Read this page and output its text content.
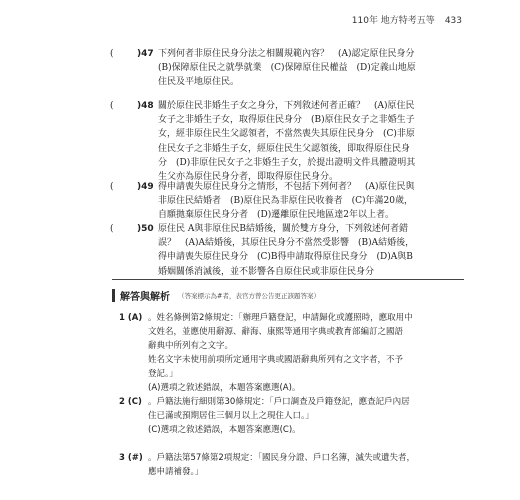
110年 地方特考五等 433
(	)47 下列何者非原住民身分法之相關規範內容？　(A)認定原住民身分
(B)保障原住民之就學就業　(C)保障原住民權益　(D)定義山地原
住民及平地原住民。
(	)48 關於原住民非婚生子女之身分，下列敘述何者正確？　(A)原住民
女子之非婚生子女，取得原住民身分　(B)原住民女子之非婚生子
女，經非原住民生父認領者，不當然喪失其原住民身分　(C)非原
住民女子之非婚生子女，經原住民生父認領後，即取得原住民身
分　(D)非原住民女子之非婚生子女，於提出證明文件具體證明其
生父亦為原住民身分者，即取得原住民身分。
(	)49 得申請喪失原住民身分之情形，不包括下列何者？　(A)原住民與
非原住民結婚者　(B)原住民為非原住民收養者　(C)年滿20歲，
自願拋棄原住民身分者　(D)遷離原住民地區達2年以上者。
(	)50 原住民 A與非原住民B結婚後，關於雙方身分，下列敘述何者錯
誤？　(A)A結婚後，其原住民身分不當然受影響　(B)A結婚後，
得申請喪失原住民身分　(C)B得申請取得原住民身分　(D)A與B
婚姻關係消滅後，並不影響各自原住民或非原住民身分
解答與解析 （答案標示為#者，表官方曾公告更正該題答案）
1 (A) 。姓名條例第2條規定：「辦理戶籍登記，申請歸化或護照時，應取用中
文姓名，並應使用辭源、辭海、康熙等通用字典或教育部編訂之國語
辭典中所列有之文字。
姓名文字未使用前項所定通用字典或國語辭典所列有之文字者，不予
登記。」
(A)選項之敘述錯誤，本題答案應選(A)。
2 (C) 。戶籍法施行細則第30條規定：「戶口調查及戶籍登記，應查記戶內居
住已滿或預期居住三個月以上之現住人口。」
(C)選項之敘述錯誤，本題答案應選(C)。
3 (#) 。戶籍法第57條第2項規定：「國民身分證、戶口名簿，滅失或遺失者，
應申請補發。」
